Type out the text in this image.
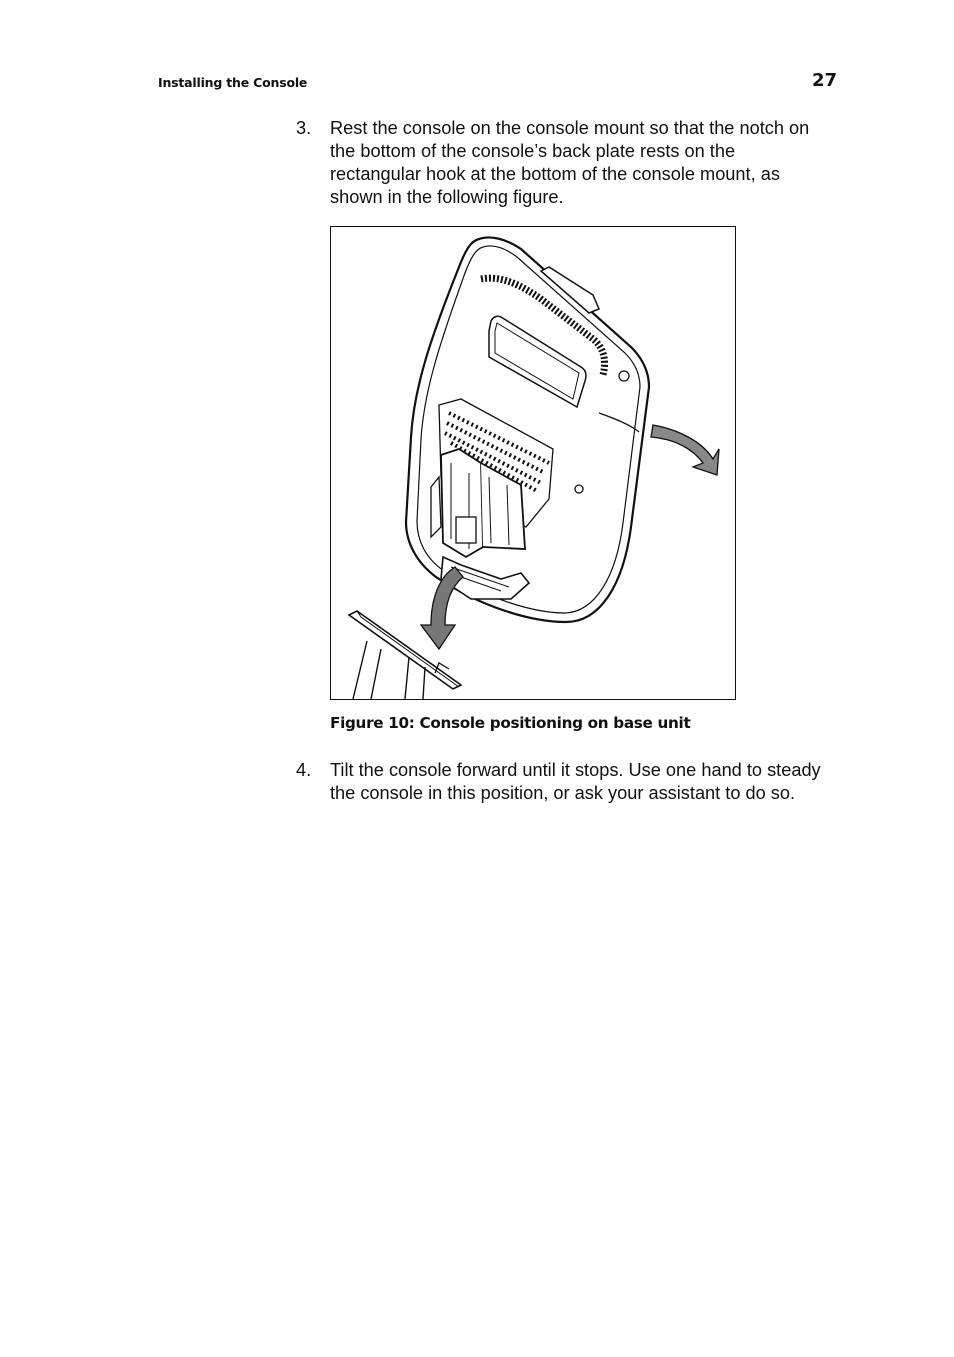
Installing the Console	27
3. Rest the console on the console mount so that the notch on the bottom of the console’s back plate rests on the rectangular hook at the bottom of the console mount, as shown in the following figure.
Figure 10: Console positioning on base unit
4. Tilt the console forward until it stops. Use one hand to steady the console in this position, or ask your assistant to do so.
